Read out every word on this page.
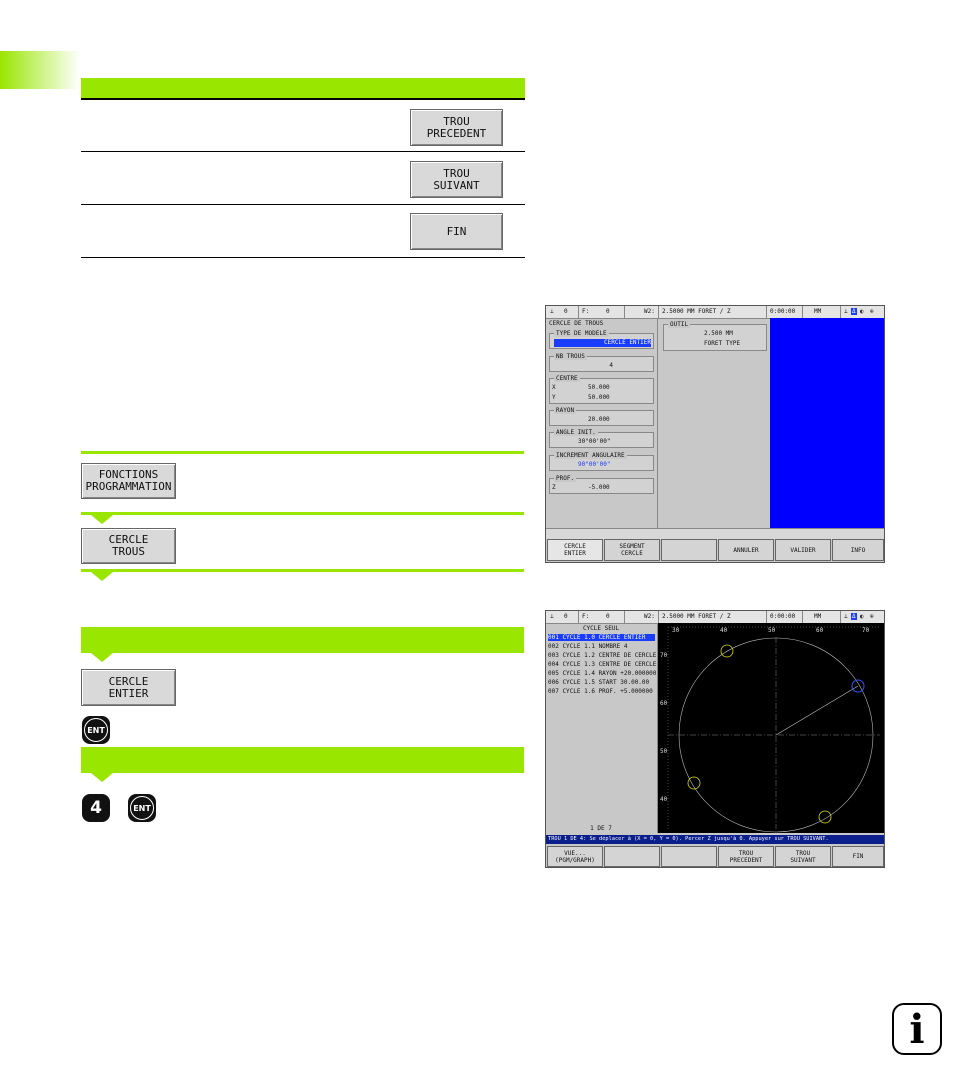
TROU
PRECEDENT
TROU
SUIVANT
FIN
FONCTIONS
PROGRAMMATION
CERCLE
TROUS
CERCLE
ENTIER
ENT
4	ENT
⊥ 0 F:	0	W2: 2.5000 MM FORET / Z	0:00:00	MM	⊥ Δ ◐ ⊕
CERCLE DE TROUS
TYPE DE MODELE
CERCLE ENTIER
NB TROUS
4
CENTRE
X	50.000
Y	50.000
RAYON
20.000
ANGLE INIT.
30°00'00"
INCREMENT ANGULAIRE
90°00'00"
PROF.
Z	-5.000
OUTIL
2.500 MM
FORET TYPE
CERCLE
ENTIER
SEGMENT
CERCLE	ANNULER	VALIDER	INFO
⊥ 0 F:	0	W2: 2.5000 MM FORET / Z	0:00:00	MM	⊥ Δ ◐ ⊕
CYCLE SEUL
001 CYCLE 1.0 CERCLE ENTIER
002 CYCLE 1.1 NOMBRE 4
003 CYCLE 1.2 CENTRE DE CERCLE
004 CYCLE 1.3 CENTRE DE CERCLE
005 CYCLE 1.4 RAYON +20.000000
006 CYCLE 1.5 START 30.00.00
007 CYCLE 1.6 PROF. +5.000000
1 DE 7
30	40	50	60	70
70
60
50
40
TROU 1 DE 4: Se déplacer à (X = 0, Y = 0). Percer Z jusqu'à 0. Appuyer sur TROU SUIVANT.
VUE...
(PGM/GRAPH)
TROU
PRECEDENT
TROU
SUIVANT	FIN
i
